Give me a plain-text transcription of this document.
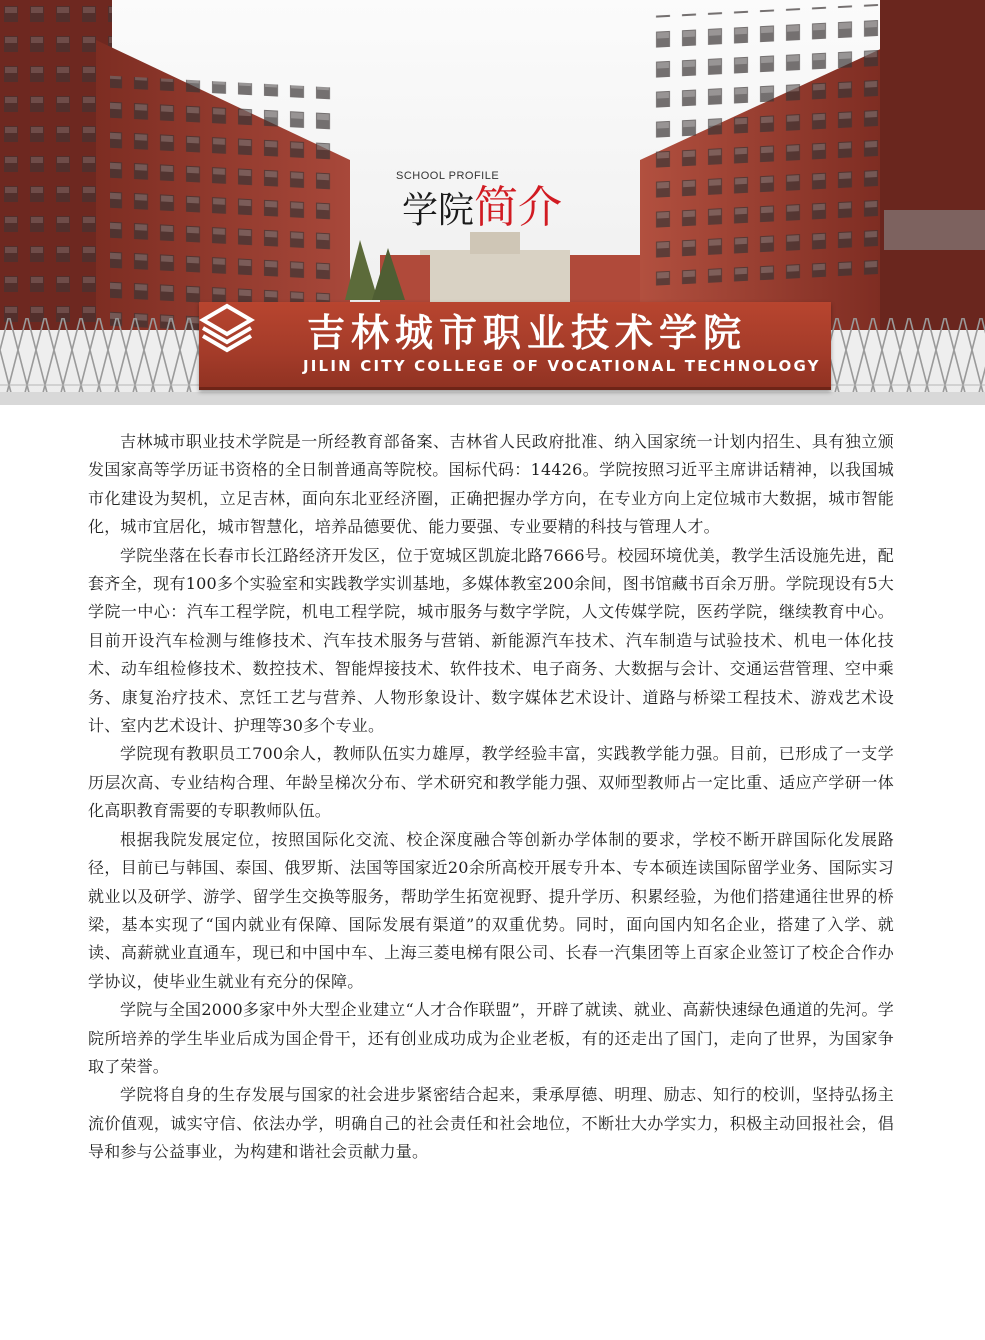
SCHOOL PROFILE
学院简介
吉林城市职业技术学院
JILIN CITY COLLEGE OF VOCATIONAL TECHNOLOGY

吉林城市职业技术学院是一所经教育部备案、吉林省人民政府批准、纳入国家统一计划内招生、具有独立颁发国家高等学历证书资格的全日制普通高等院校。国标代码：14426。学院按照习近平主席讲话精神，以我国城市化建设为契机，立足吉林，面向东北亚经济圈，正确把握办学方向，在专业方向上定位城市大数据，城市智能化，城市宜居化，城市智慧化，培养品德要优、能力要强、专业要精的科技与管理人才。

学院坐落在长春市长江路经济开发区，位于宽城区凯旋北路7666号。校园环境优美，教学生活设施先进，配套齐全，现有100多个实验室和实践教学实训基地，多媒体教室200余间，图书馆藏书百余万册。学院现设有5大学院一中心：汽车工程学院，机电工程学院，城市服务与数字学院，人文传媒学院，医药学院，继续教育中心。目前开设汽车检测与维修技术、汽车技术服务与营销、新能源汽车技术、汽车制造与试验技术、机电一体化技术、动车组检修技术、数控技术、智能焊接技术、软件技术、电子商务、大数据与会计、交通运营管理、空中乘务、康复治疗技术、烹饪工艺与营养、人物形象设计、数字媒体艺术设计、道路与桥梁工程技术、游戏艺术设计、室内艺术设计、护理等30多个专业。

学院现有教职员工700余人，教师队伍实力雄厚，教学经验丰富，实践教学能力强。目前，已形成了一支学历层次高、专业结构合理、年龄呈梯次分布、学术研究和教学能力强、双师型教师占一定比重、适应产学研一体化高职教育需要的专职教师队伍。

根据我院发展定位，按照国际化交流、校企深度融合等创新办学体制的要求，学校不断开辟国际化发展路径，目前已与韩国、泰国、俄罗斯、法国等国家近20余所高校开展专升本、专本硕连读国际留学业务、国际实习就业以及研学、游学、留学生交换等服务，帮助学生拓宽视野、提升学历、积累经验，为他们搭建通往世界的桥梁，基本实现了“国内就业有保障、国际发展有渠道”的双重优势。同时，面向国内知名企业，搭建了入学、就读、高薪就业直通车，现已和中国中车、上海三菱电梯有限公司、长春一汽集团等上百家企业签订了校企合作办学协议，使毕业生就业有充分的保障。

学院与全国2000多家中外大型企业建立“人才合作联盟”，开辟了就读、就业、高薪快速绿色通道的先河。学院所培养的学生毕业后成为国企骨干，还有创业成功成为企业老板，有的还走出了国门，走向了世界，为国家争取了荣誉。

学院将自身的生存发展与国家的社会进步紧密结合起来，秉承厚德、明理、励志、知行的校训，坚持弘扬主流价值观，诚实守信、依法办学，明确自己的社会责任和社会地位，不断壮大办学实力，积极主动回报社会，倡导和参与公益事业，为构建和谐社会贡献力量。
